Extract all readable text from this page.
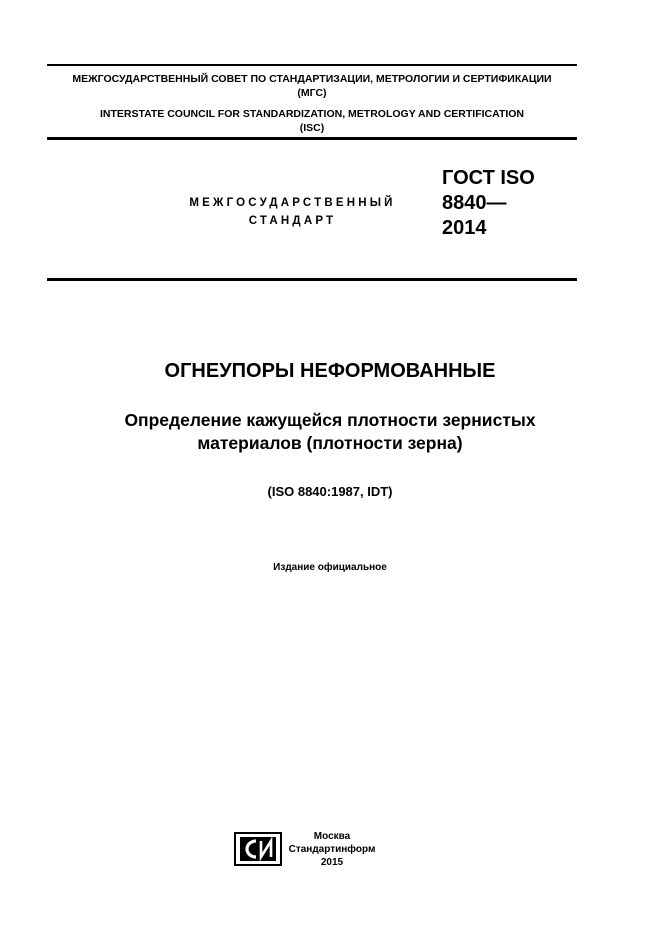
МЕЖГОСУДАРСТВЕННЫЙ СОВЕТ ПО СТАНДАРТИЗАЦИИ, МЕТРОЛОГИИ И СЕРТИФИКАЦИИ
(МГС)
INTERSTATE COUNCIL FOR STANDARDIZATION, METROLOGY AND CERTIFICATION
(ISC)
МЕЖГОСУДАРСТВЕННЫЙ
СТАНДАРТ
ГОСТ ISO
8840—
2014
ОГНЕУПОРЫ НЕФОРМОВАННЫЕ
Определение кажущейся плотности зернистых
материалов (плотности зерна)
(ISO 8840:1987, IDT)
Издание официальное
Москва
Стандартинформ
2015
